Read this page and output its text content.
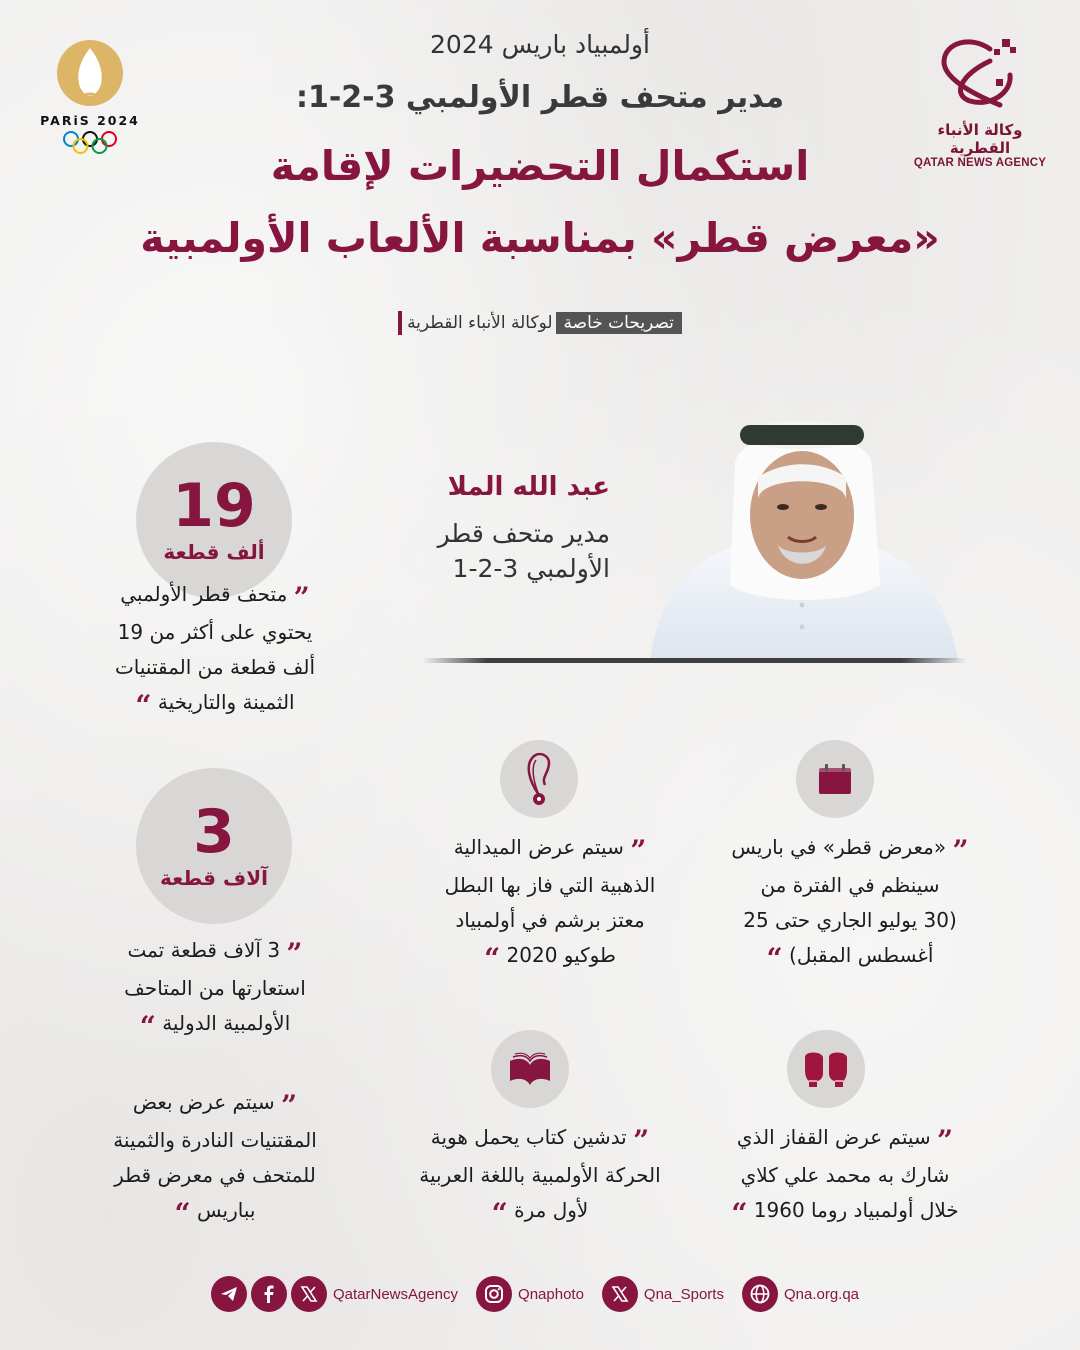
PARiS 2024
وكالة الأنباء القطرية
QATAR NEWS AGENCY
أولمبياد باريس 2024
مدير متحف قطر الأولمبي 3-2-1:
استكمال التحضيرات لإقامة
«معرض قطر» بمناسبة الألعاب الأولمبية
تصريحات خاصة
لوكالة الأنباء القطرية
عبد الله الملا
مدير متحف قطر
الأولمبي 3-2-1
19
ألف قطعة
” متحف قطر الأولمبي
يحتوي على أكثر من 19
ألف قطعة من المقتنيات
الثمينة والتاريخية “
3
آلاف قطعة
” 3 آلاف قطعة تمت
استعارتها من المتاحف
الأولمبية الدولية “
” «معرض قطر» في باريس
سينظم في الفترة من
(30 يوليو الجاري حتى 25
أغسطس المقبل) “
” سيتم عرض الميدالية
الذهبية التي فاز بها البطل
معتز برشم في أولمبياد
طوكيو 2020 “
” سيتم عرض القفاز الذي
شارك به محمد علي كلاي
خلال أولمبياد روما 1960 “
” تدشين كتاب يحمل هوية
الحركة الأولمبية باللغة العربية
لأول مرة “
” سيتم عرض بعض
المقتنيات النادرة والثمينة
للمتحف في معرض قطر
بباريس “
QatarNewsAgency	Qnaphoto	Qna_Sports	Qna.org.qa
